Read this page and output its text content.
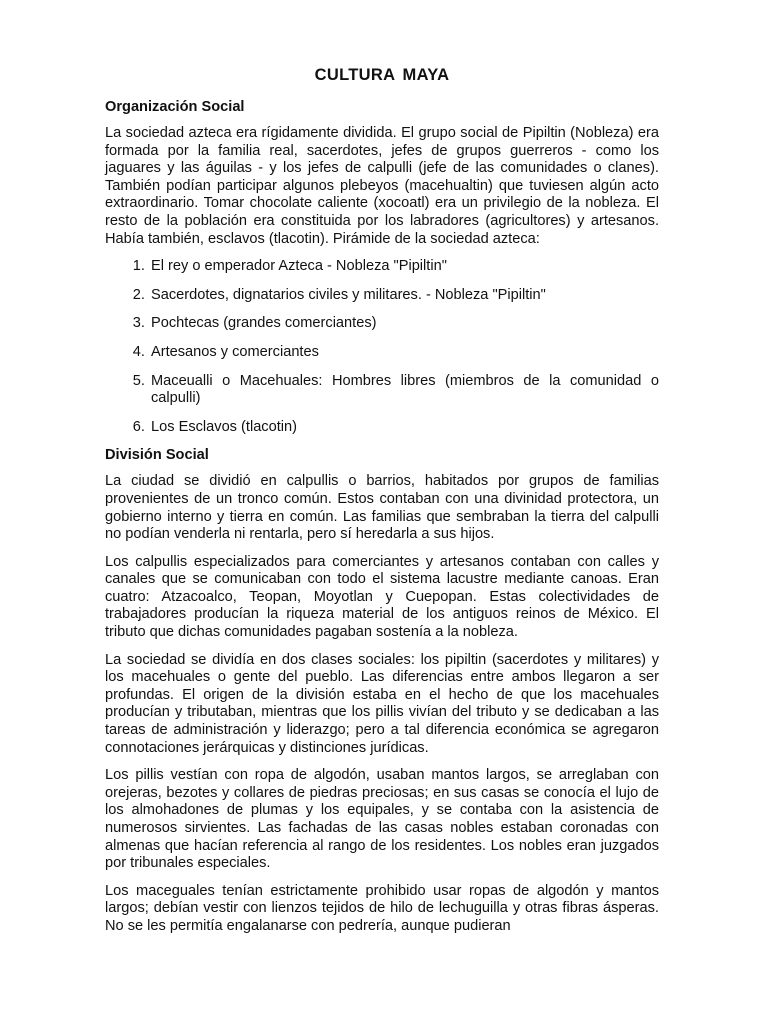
CULTURA MAYA
Organización Social

La sociedad azteca era rígidamente dividida. El grupo social de Pipiltin (Nobleza) era formada por la familia real, sacerdotes, jefes de grupos guerreros - como los jaguares y las águilas - y los jefes de calpulli (jefe de las comunidades o clanes). También podían participar algunos plebeyos (macehualtin) que tuviesen algún acto extraordinario. Tomar chocolate caliente (xocoatl) era un privilegio de la nobleza. El resto de la población era constituida por los labradores (agricultores) y artesanos. Había también, esclavos (tlacotin). Pirámide de la sociedad azteca:

1. El rey o emperador Azteca - Nobleza "Pipiltin"
2. Sacerdotes, dignatarios civiles y militares. - Nobleza "Pipiltin"
3. Pochtecas (grandes comerciantes)
4. Artesanos y comerciantes
5. Maceualli o Macehuales: Hombres libres (miembros de la comunidad o calpulli)
6. Los Esclavos (tlacotin)
División Social

La ciudad se dividió en calpullis o barrios, habitados por grupos de familias provenientes de un tronco común. Estos contaban con una divinidad protectora, un gobierno interno y tierra en común. Las familias que sembraban la tierra del calpulli no podían venderla ni rentarla, pero sí heredarla a sus hijos.

Los calpullis especializados para comerciantes y artesanos contaban con calles y canales que se comunicaban con todo el sistema lacustre mediante canoas. Eran cuatro: Atzacoalco, Teopan, Moyotlan y Cuepopan. Estas colectividades de trabajadores producían la riqueza material de los antiguos reinos de México. El tributo que dichas comunidades pagaban sostenía a la nobleza.

La sociedad se dividía en dos clases sociales: los pipiltin (sacerdotes y militares) y los macehuales o gente del pueblo. Las diferencias entre ambos llegaron a ser profundas. El origen de la división estaba en el hecho de que los macehuales producían y tributaban, mientras que los pillis vivían del tributo y se dedicaban a las tareas de administración y liderazgo; pero a tal diferencia económica se agregaron connotaciones jerárquicas y distinciones jurídicas.

Los pillis vestían con ropa de algodón, usaban mantos largos, se arreglaban con orejeras, bezotes y collares de piedras preciosas; en sus casas se conocía el lujo de los almohadones de plumas y los equipales, y se contaba con la asistencia de numerosos sirvientes. Las fachadas de las casas nobles estaban coronadas con almenas que hacían referencia al rango de los residentes. Los nobles eran juzgados por tribunales especiales.

Los maceguales tenían estrictamente prohibido usar ropas de algodón y mantos largos; debían vestir con lienzos tejidos de hilo de lechuguilla y otras fibras ásperas. No se les permitía engalanarse con pedrería, aunque pudieran
